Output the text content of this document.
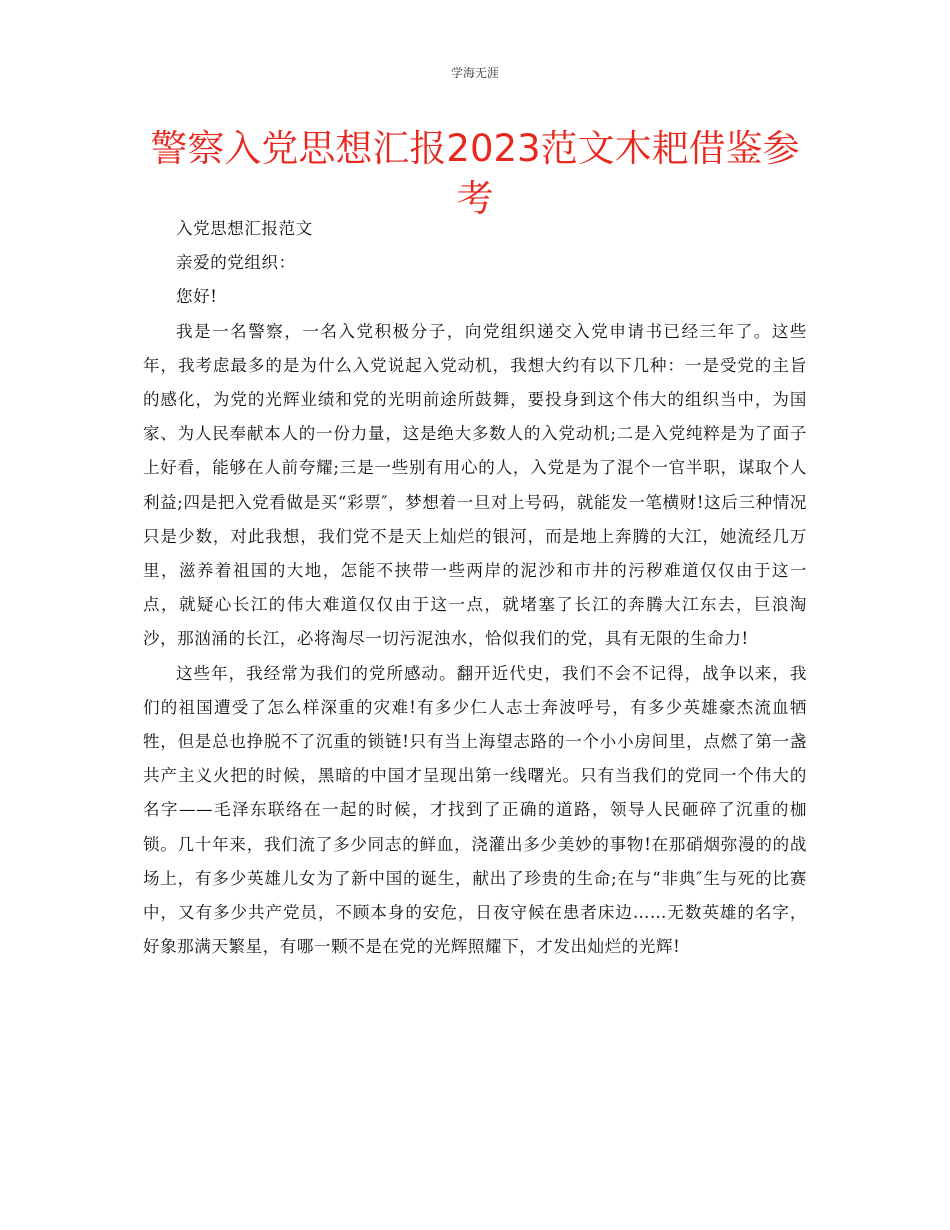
学海无涯
警察入党思想汇报2023范文木耙借鉴参考

入党思想汇报范文

亲爱的党组织：

您好!

我是一名警察，一名入党积极分子，向党组织递交入党申请书已经三年了。这些年，我考虑最多的是为什么入党说起入党动机，我想大约有以下几种：一是受党的主旨的感化，为党的光辉业绩和党的光明前途所鼓舞，要投身到这个伟大的组织当中，为国家、为人民奉献本人的一份力量，这是绝大多数人的入党动机;二是入党纯粹是为了面子上好看，能够在人前夸耀;三是一些别有用心的人，入党是为了混个一官半职，谋取个人利益;四是把入党看做是买“彩票″，梦想着一旦对上号码，就能发一笔横财!这后三种情况只是少数，对此我想，我们党不是天上灿烂的银河，而是地上奔腾的大江，她流经几万里，滋养着祖国的大地，怎能不挟带一些两岸的泥沙和市井的污秽难道仅仅由于这一点，就疑心长江的伟大难道仅仅由于这一点，就堵塞了长江的奔腾大江东去，巨浪淘沙，那汹涌的长江，必将淘尽一切污泥浊水，恰似我们的党，具有无限的生命力!

这些年，我经常为我们的党所感动。翻开近代史，我们不会不记得，战争以来，我们的祖国遭受了怎么样深重的灾难!有多少仁人志士奔波呼号，有多少英雄豪杰流血牺牲，但是总也挣脱不了沉重的锁链!只有当上海望志路的一个小小房间里，点燃了第一盏共产主义火把的时候，黑暗的中国才呈现出第一线曙光。只有当我们的党同一个伟大的名字——毛泽东联络在一起的时候，才找到了正确的道路，领导人民砸碎了沉重的枷锁。几十年来，我们流了多少同志的鲜血，浇灌出多少美妙的事物!在那硝烟弥漫的的战场上，有多少英雄儿女为了新中国的诞生，献出了珍贵的生命;在与“非典″生与死的比赛中，又有多少共产党员，不顾本身的安危，日夜守候在患者床边……无数英雄的名字，好象那满天繁星，有哪一颗不是在党的光辉照耀下，才发出灿烂的光辉!
